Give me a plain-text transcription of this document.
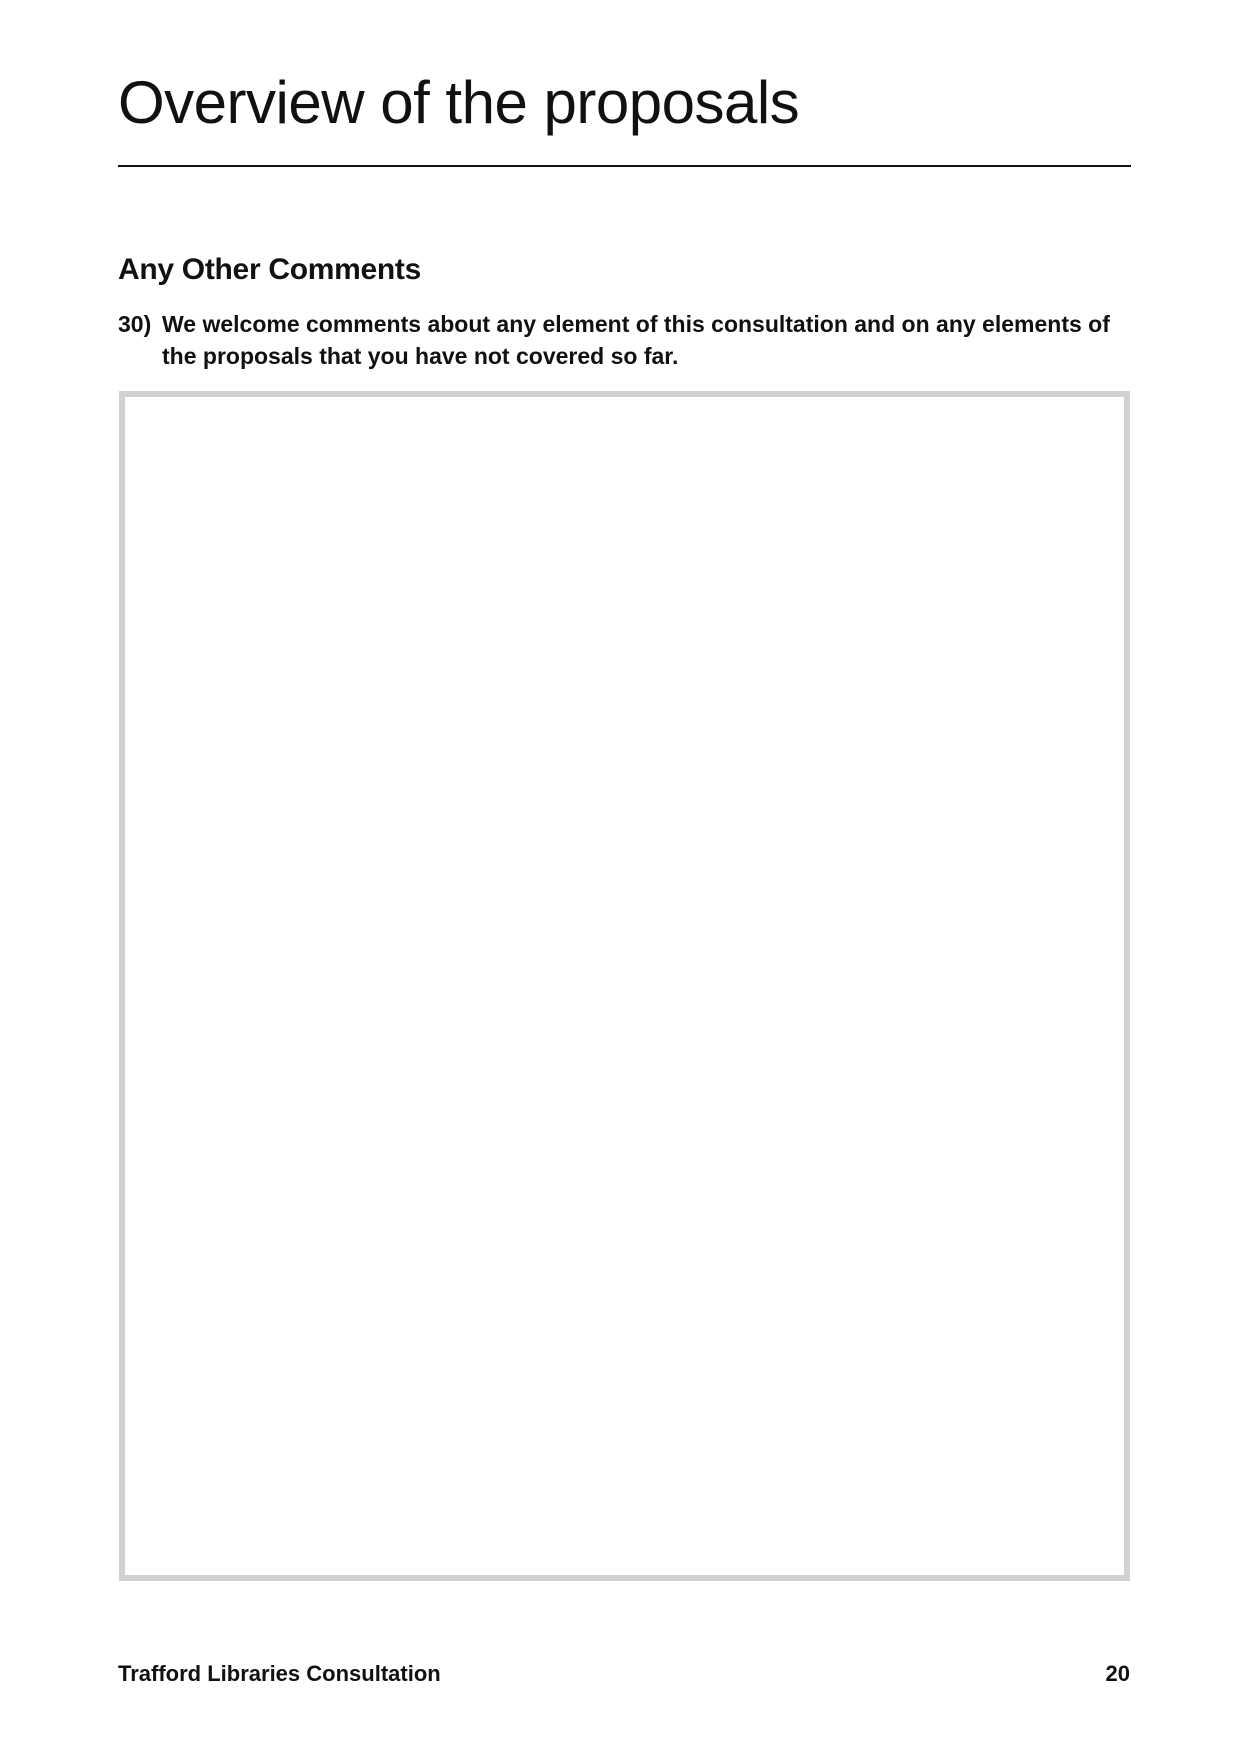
Overview of the proposals
Any Other Comments
30) We welcome comments about any element of this consultation and on any elements of the proposals that you have not covered so far.
Trafford Libraries Consultation	20
